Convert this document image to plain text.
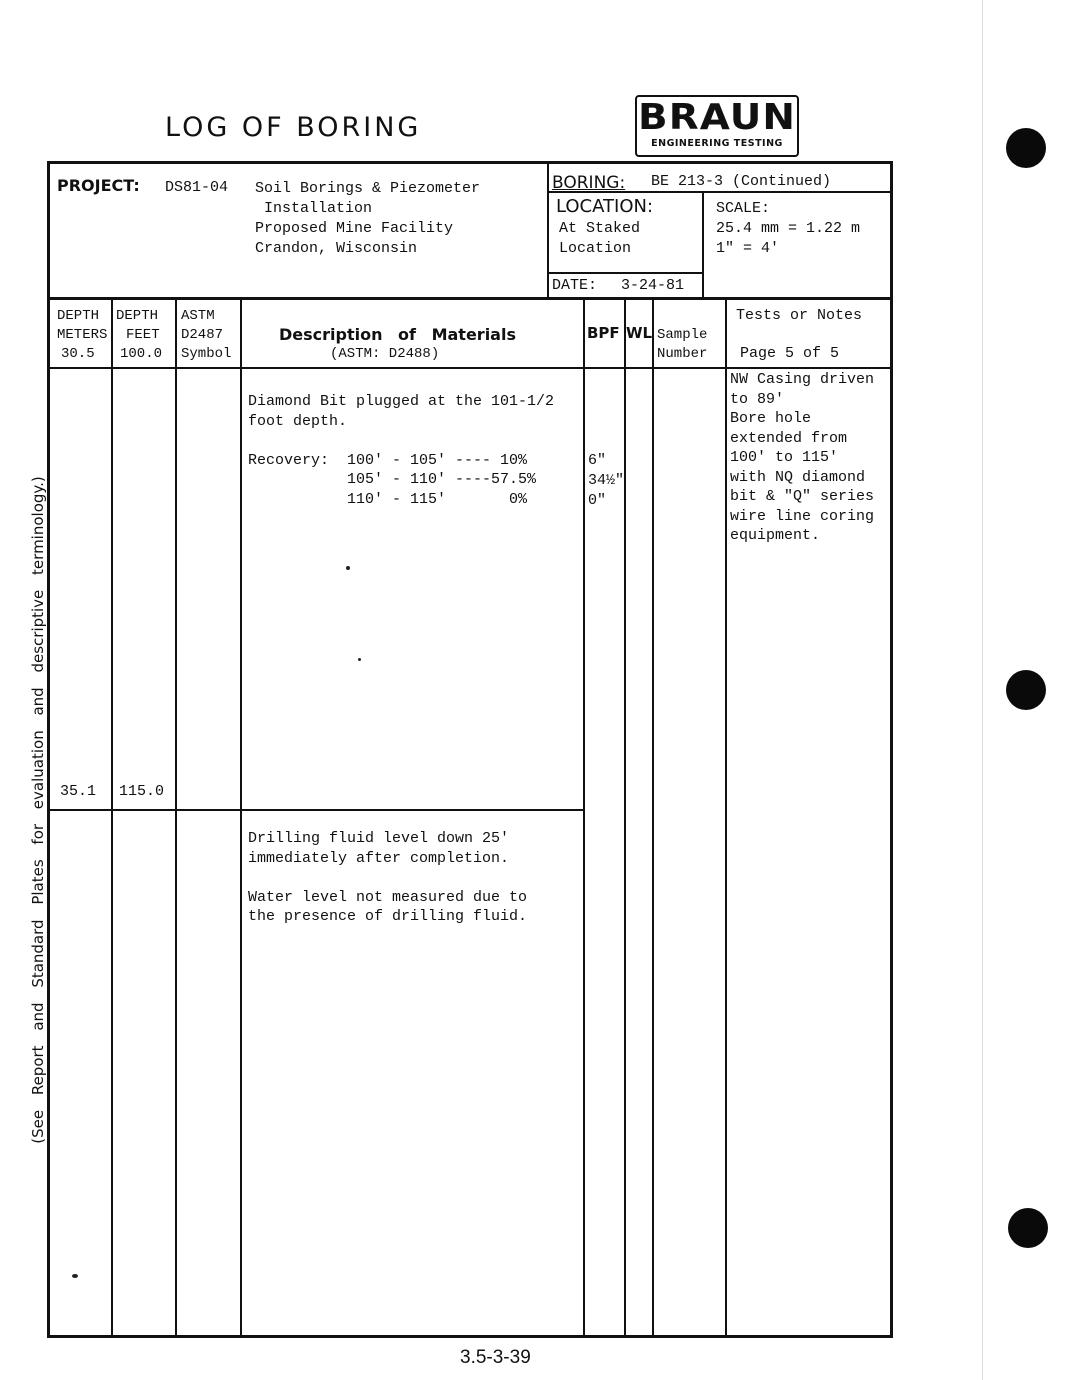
LOG OF BORING	BRAUN
ENGINEERING TESTING
(See Report and Standard Plates for evaluation and descriptive terminology.)
PROJECT: DS81-04 Soil Borings & Piezometer
Installation
Proposed Mine Facility
Crandon, Wisconsin
BORING: BE 213-3 (Continued)
LOCATION:
At Staked
Location
SCALE:
25.4 mm = 1.22 m
1" = 4'
DATE: 3-24-81
DEPTH
METERS
30.5
DEPTH
FEET
100.0
ASTM
D2487
Symbol
Description of Materials
(ASTM: D2488)
BPF WL Sample
Number
Tests or Notes
Page 5 of 5
Diamond Bit plugged at the 101-1/2
foot depth.

Recovery:  100' - 105' ---- 10%
105' - 110' ----57.5%
110' - 115'       0%
6"
34½"
0"
NW Casing driven
to 89'
Bore hole
extended from
100' to 115'
with NQ diamond
bit & "Q" series
wire line coring
equipment.
35.1 115.0
Drilling fluid level down 25'
immediately after completion.

Water level not measured due to
the presence of drilling fluid.
3.5-3-39
